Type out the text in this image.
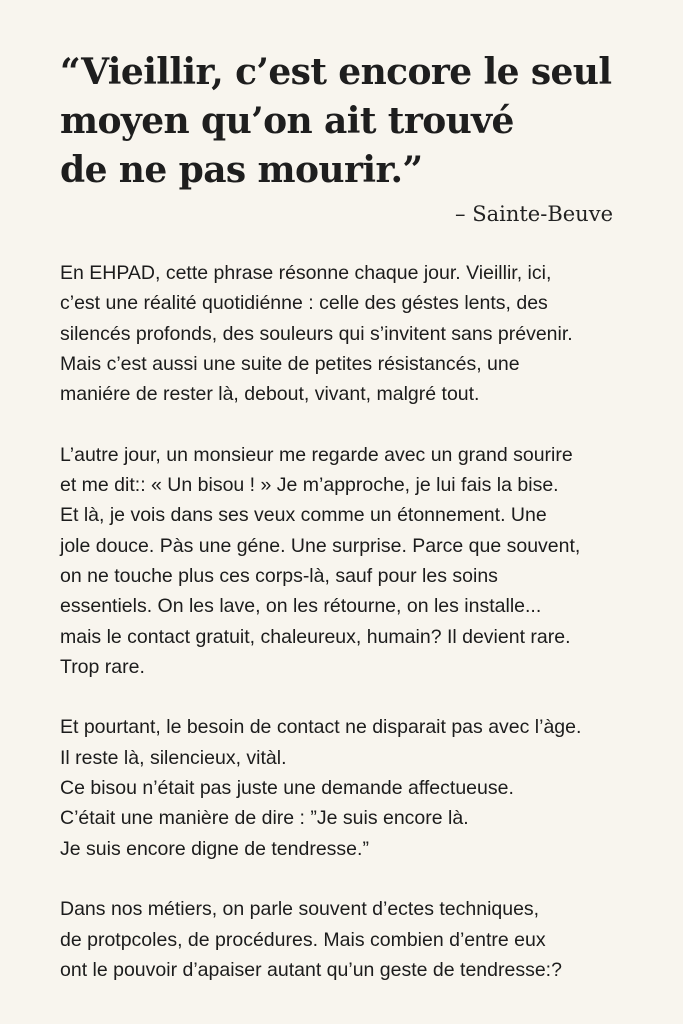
“Vieillir, c’est encore le seul
moyen qu’on ait trouvé
de ne pas mourir.”
– Sainte-Beuve
En EHPAD, cette phrase résonne chaque jour. Vieillir, ici,
c’est une réalité quotidiénne : celle des géstes lents, des
silencés profonds, des souleurs qui s’invitent sans prévenir.
Mais c’est aussi une suite de petites résistancés, une
maniére de rester là, debout, vivant, malgré tout.
L’autre jour, un monsieur me regarde avec un grand sourire
et me dit:: « Un bisou ! » Je m’approche, je lui fais la bise.
Et là, je vois dans ses veux comme un étonnement. Une
jole douce. Pàs une géne. Une surprise. Parce que souvent,
on ne touche plus ces corps-là, sauf pour les soins
essentiels. On les lave, on les rétourne, on les installe...
mais le contact gratuit, chaleureux, humain? Il devient rare.
Trop rare.
Et pourtant, le besoin de contact ne disparait pas avec l’àge.
Il reste là, silencieux, vitàl.
Ce bisou n’était pas juste une demande affectueuse.
C’était une manière de dire : ”Je suis encore là.
Je suis encore digne de tendresse.”
Dans nos métiers, on parle souvent d’ectes techniques,
de protpcoles, de procédures. Mais combien d’entre eux
ont le pouvoir d’apaiser autant qu’un geste de tendresse:?
